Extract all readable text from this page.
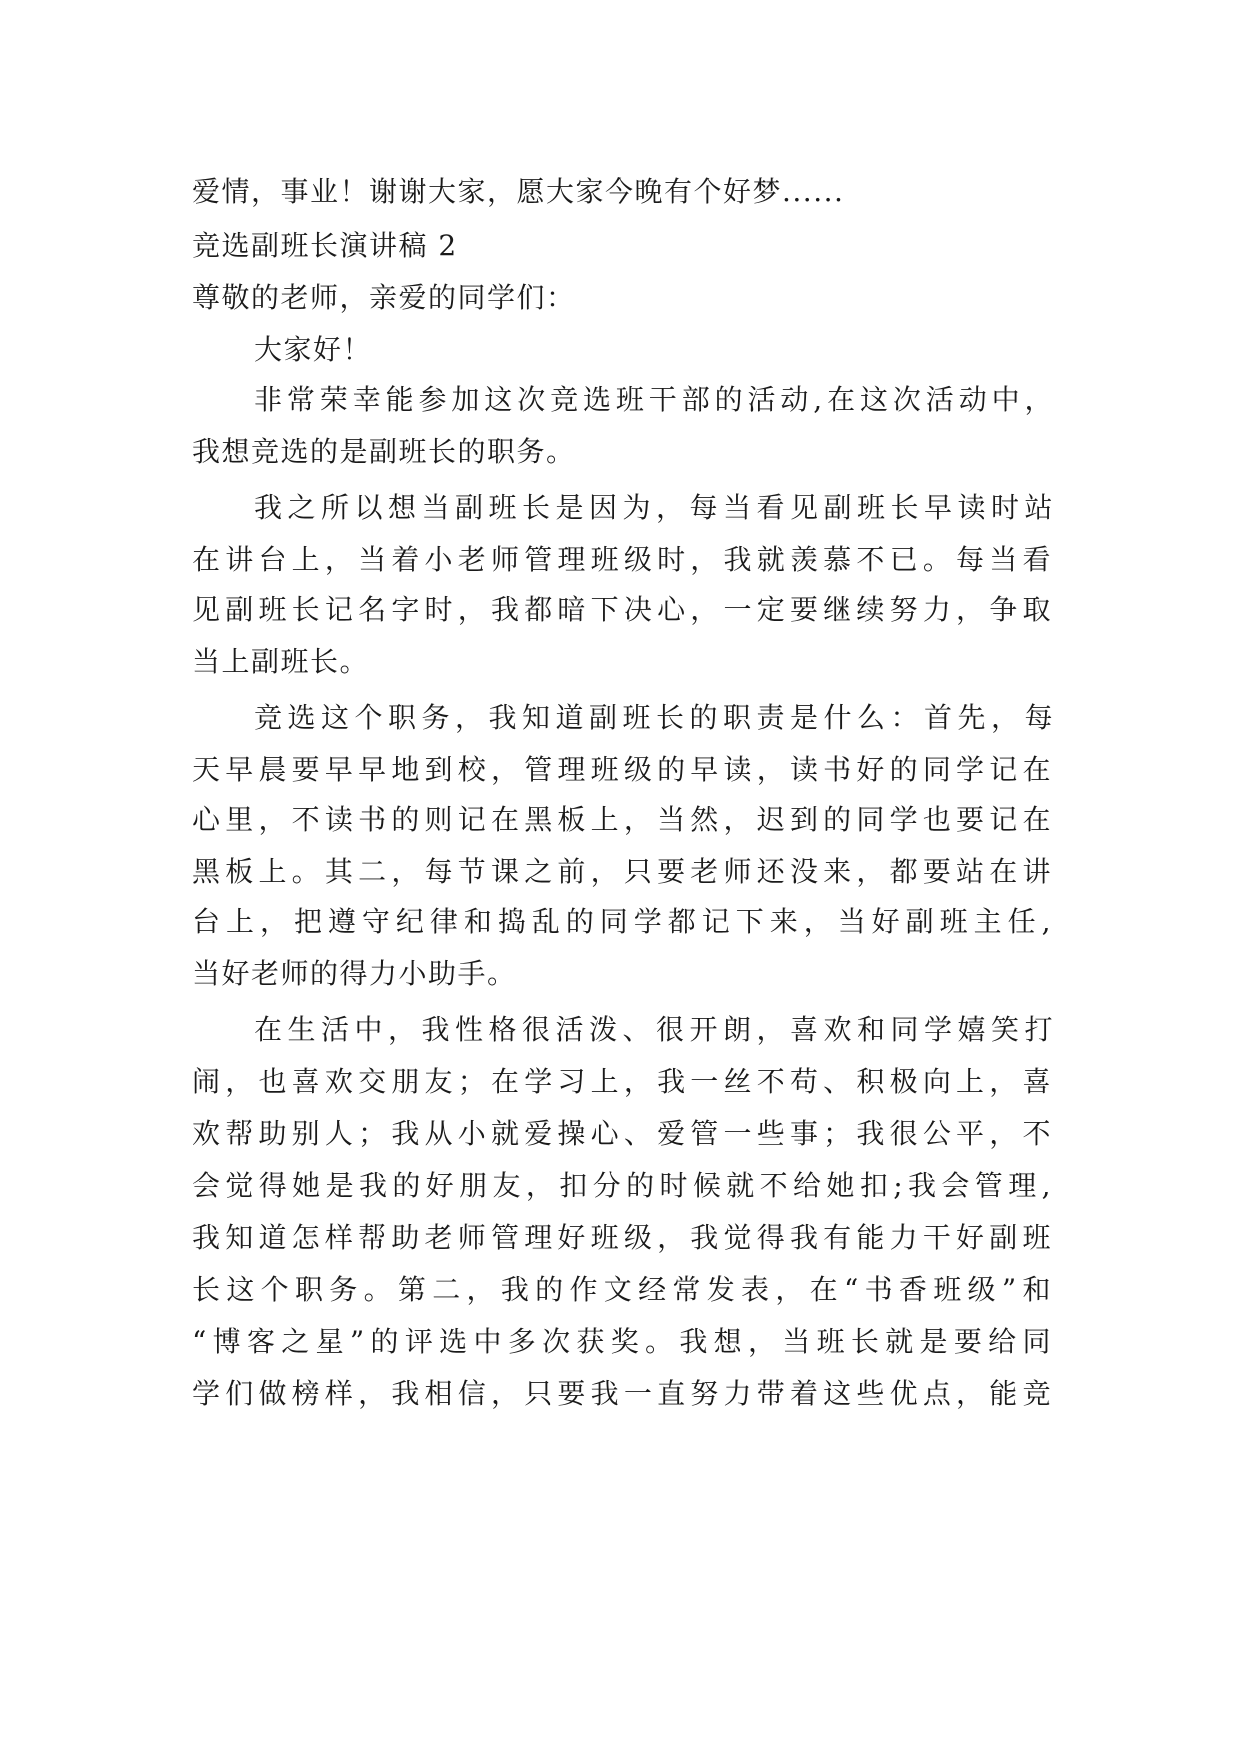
爱情，事业！谢谢大家，愿大家今晚有个好梦......
竞选副班长演讲稿 2
尊敬的老师，亲爱的同学们：
大家好！
非常荣幸能参加这次竞选班干部的活动,在这次活动中，
我想竞选的是副班长的职务。
我之所以想当副班长是因为，每当看见副班长早读时站
在讲台上，当着小老师管理班级时，我就羡慕不已。每当看
见副班长记名字时，我都暗下决心，一定要继续努力，争取
当上副班长。
竞选这个职务，我知道副班长的职责是什么：首先，每
天早晨要早早地到校，管理班级的早读，读书好的同学记在
心里，不读书的则记在黑板上，当然，迟到的同学也要记在
黑板上。其二，每节课之前，只要老师还没来，都要站在讲
台上，把遵守纪律和捣乱的同学都记下来，当好副班主任,
当好老师的得力小助手。
在生活中，我性格很活泼、很开朗，喜欢和同学嬉笑打
闹，也喜欢交朋友；在学习上，我一丝不苟、积极向上，喜
欢帮助别人；我从小就爱操心、爱管一些事；我很公平，不
会觉得她是我的好朋友，扣分的时候就不给她扣;我会管理,
我知道怎样帮助老师管理好班级，我觉得我有能力干好副班
长这个职务。第二，我的作文经常发表，在“书香班级”和
“博客之星”的评选中多次获奖。我想，当班长就是要给同
学们做榜样，我相信，只要我一直努力带着这些优点，能竞
